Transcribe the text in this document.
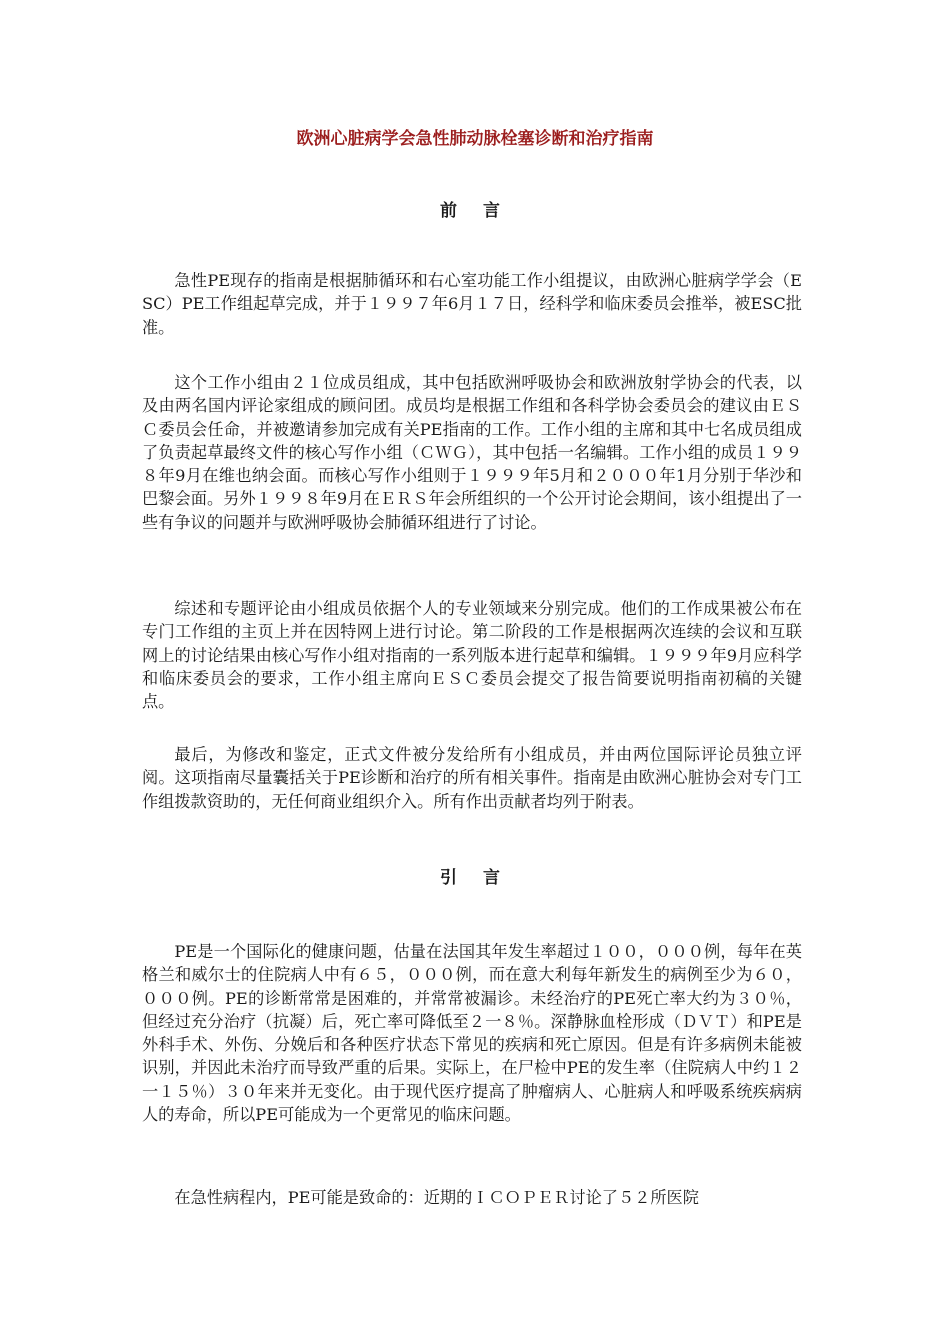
欧洲心脏病学会急性肺动脉栓塞诊断和治疗指南
前 言

急性PE现存的指南是根据肺循环和右心室功能工作小组提议，由欧洲心脏病学学会（ESC）PE工作组起草完成，并于１９９７年6月１７日，经科学和临床委员会推举，被ESC批准。

这个工作小组由２１位成员组成，其中包括欧洲呼吸协会和欧洲放射学协会的代表，以及由两名国内评论家组成的顾问团。成员均是根据工作组和各科学协会委员会的建议由ＥＳＣ委员会任命，并被邀请参加完成有关PE指南的工作。工作小组的主席和其中七名成员组成了负责起草最终文件的核心写作小组（ＣＷＧ），其中包括一名编辑。工作小组的成员１９９８年9月在维也纳会面。而核心写作小组则于１９９９年5月和２０００年1月分别于华沙和巴黎会面。另外１９９８年9月在ＥＲＳ年会所组织的一个公开讨论会期间，该小组提出了一些有争议的问题并与欧洲呼吸协会肺循环组进行了讨论。

综述和专题评论由小组成员依据个人的专业领域来分别完成。他们的工作成果被公布在专门工作组的主页上并在因特网上进行讨论。第二阶段的工作是根据两次连续的会议和互联网上的讨论结果由核心写作小组对指南的一系列版本进行起草和编辑。１９９９年9月应科学和临床委员会的要求，工作小组主席向ＥＳＣ委员会提交了报告简要说明指南初稿的关键点。

最后，为修改和鉴定，正式文件被分发给所有小组成员，并由两位国际评论员独立评阅。这项指南尽量囊括关于PE诊断和治疗的所有相关事件。指南是由欧洲心脏协会对专门工作组拨款资助的，无任何商业组织介入。所有作出贡献者均列于附表。

引 言

PE是一个国际化的健康问题，估量在法国其年发生率超过１００，０００例，每年在英格兰和威尔士的住院病人中有６５，０００例，而在意大利每年新发生的病例至少为６０，０００例。PE的诊断常常是困难的，并常常被漏诊。未经治疗的PE死亡率大约为３０％，但经过充分治疗（抗凝）后，死亡率可降低至２一８％。深静脉血栓形成（ＤＶＴ）和PE是外科手术、外伤、分娩后和各种医疗状态下常见的疾病和死亡原因。但是有许多病例未能被识别，并因此未治疗而导致严重的后果。实际上，在尸检中PE的发生率（住院病人中约１２一１５％）３０年来并无变化。由于现代医疗提高了肿瘤病人、心脏病人和呼吸系统疾病病人的寿命，所以PE可能成为一个更常见的临床问题。

在急性病程内，PE可能是致命的：近期的ＩＣＯＰＥＲ讨论了５２所医院
